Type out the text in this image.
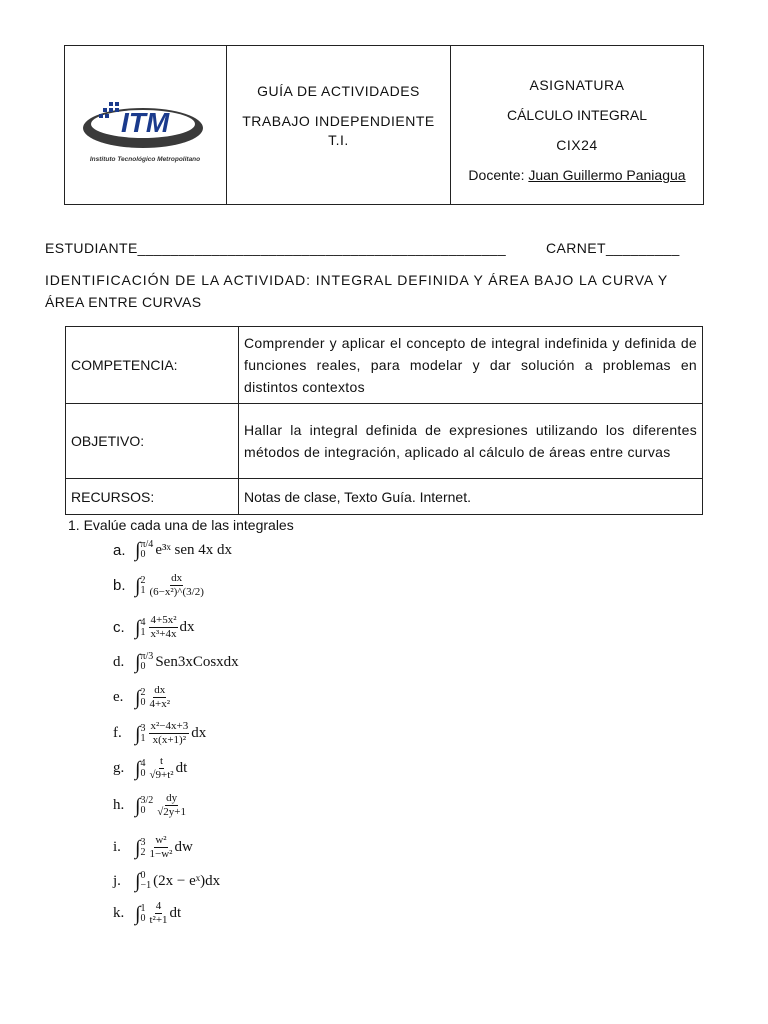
ITM
Instituto Tecnológico Metropolitano
GUÍA DE ACTIVIDADES
TRABAJO INDEPENDIENTE
T.I.
ASIGNATURA
CÁLCULO INTEGRAL
CIX24
Docente: Juan Guillermo Paniagua
ESTUDIANTE_____________________________________________	CARNET_________
IDENTIFICACIÓN DE LA ACTIVIDAD: INTEGRAL DEFINIDA Y ÁREA BAJO LA CURVA Y
ÁREA ENTRE CURVAS
COMPETENCIA:	Comprender y aplicar el concepto de integral indefinida y definida de funciones reales, para modelar y dar solución a problemas en distintos contextos
OBJETIVO:	Hallar la integral definida de expresiones utilizando los diferentes métodos de integración, aplicado al cálculo de áreas entre curvas
RECURSOS:	Notas de clase, Texto Guía. Internet.
1. Evalúe cada una de las integrales
a. ∫ π/4
0 e³ˣ sen 4x dx
b. ∫ 2
$1 \frac{dx}{\text{(6−x²)\textasciicircum{}(3/2)}}$
c. ∫ 4
$1 \frac{\text{4+5x²}}{\text{x³+4x}}$ dx
d. ∫ π/3
0 Sen3xCosxdx
e. ∫ 2
$0 \frac{dx}{\text{4+x²}}$
f. ∫ 3
$1 \frac{\text{x²−4x+3}}{\text{x(x+1)²}}$ dx
g. ∫ 4
$0 \frac{t}{\text{√9+t²}}$ dt
h. ∫ 3/2
0	$\frac{dy}{√2y+1}$
i. ∫ 3
$2 \frac{\text{w²}}{\text{1−w²}}$ dw
j. ∫ 0
−1 (2x − eˣ)dx
k. ∫ 1
$0 \frac{4}{\text{t²+1}}$ dt
